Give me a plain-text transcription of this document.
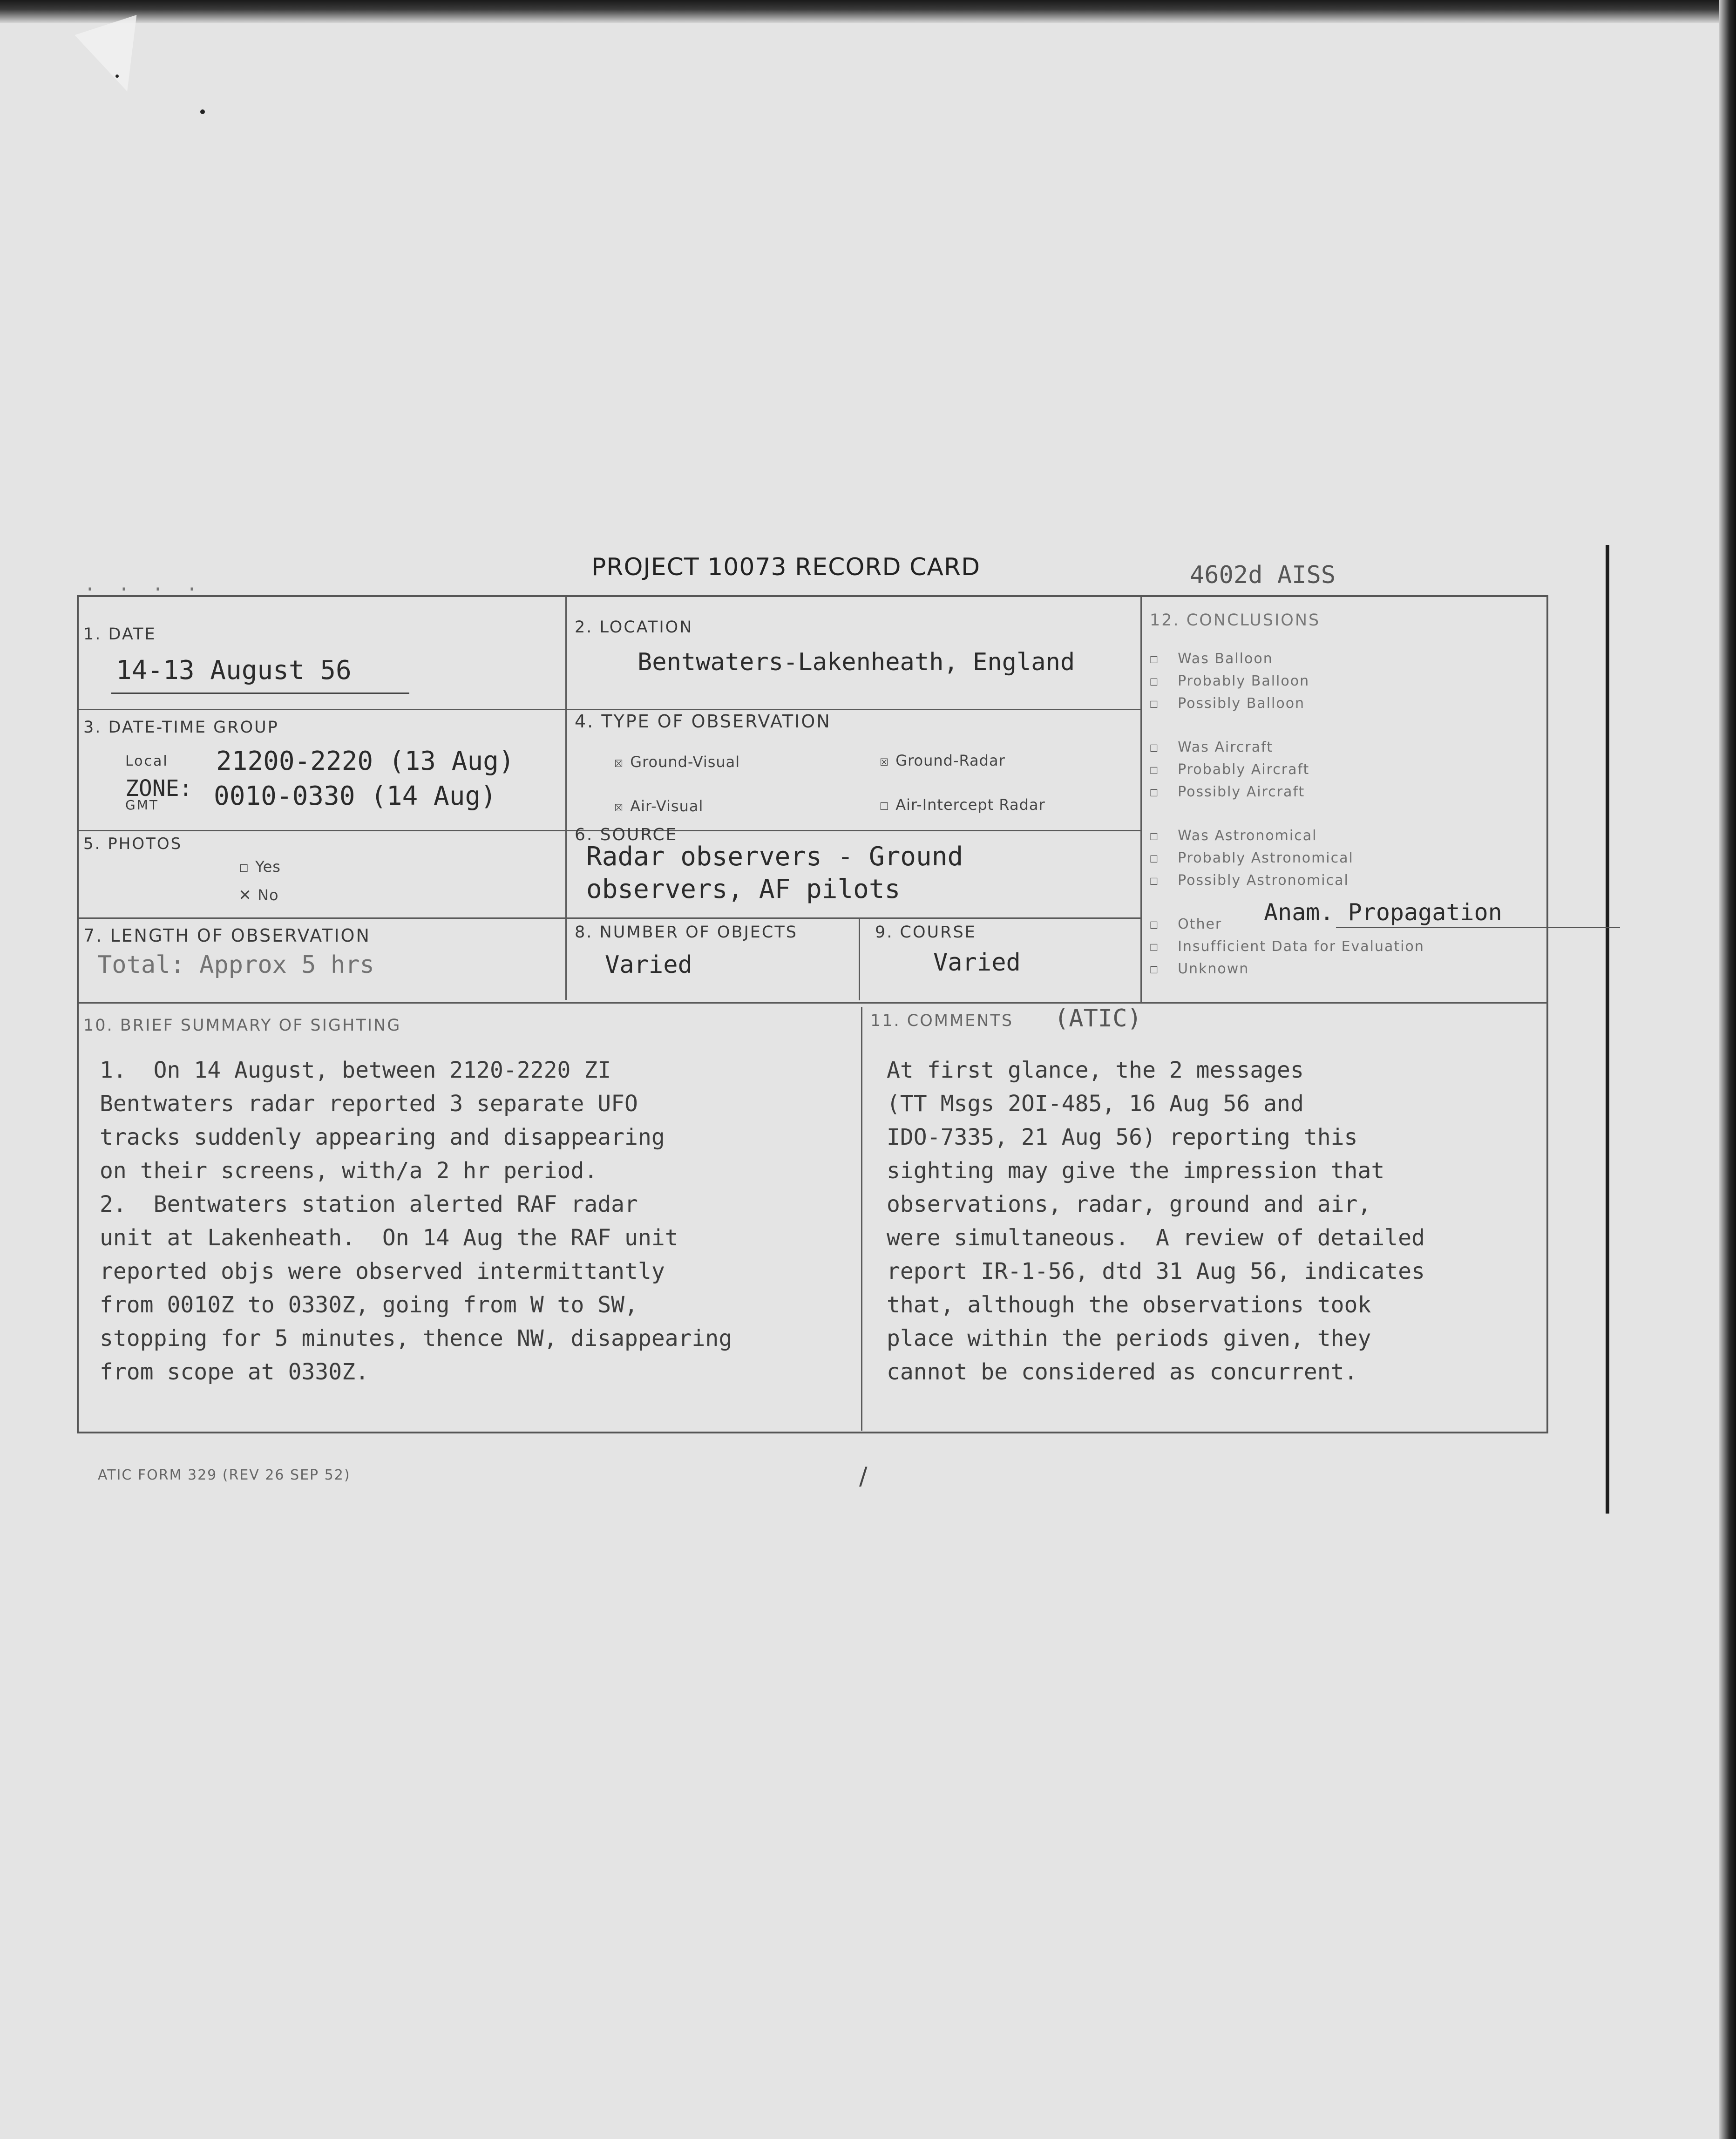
· · · ·
PROJECT 10073 RECORD CARD	4602d AISS
1. DATE
14-13 August 56
2. LOCATION
Bentwaters-Lakenheath, England
3. DATE-TIME GROUP
Local 21200-2220 (13 Aug)
ZONE:
GMT 0010-0330 (14 Aug)
4. TYPE OF OBSERVATION
☒ Ground-Visual	☒ Ground-Radar
☒ Air-Visual	☐ Air-Intercept Radar
5. PHOTOS
☐ Yes
✕ No
6. SOURCE
Radar observers - Ground
observers, AF pilots
7. LENGTH OF OBSERVATION
Total: Approx 5 hrs
8. NUMBER OF OBJECTS
Varied
9. COURSE
Varied
12. CONCLUSIONS
☐ Was Balloon
☐ Probably Balloon
☐ Possibly Balloon
☐ Was Aircraft
☐ Probably Aircraft
☐ Possibly Aircraft
☐ Was Astronomical
☐ Probably Astronomical
☐ Possibly Astronomical
☐ Other Anam. Propagation
☐ Insufficient Data for Evaluation
☐ Unknown
10. BRIEF SUMMARY OF SIGHTING
1.  On 14 August, between 2120-2220 ZI
Bentwaters radar reported 3 separate UFO
tracks suddenly appearing and disappearing
on their screens, with/a 2 hr period.
2.  Bentwaters station alerted RAF radar
unit at Lakenheath.  On 14 Aug the RAF unit
reported objs were observed intermittantly
from 0010Z to 0330Z, going from W to SW,
stopping for 5 minutes, thence NW, disappearing
from scope at 0330Z.
11. COMMENTS (ATIC)
At first glance, the 2 messages
(TT Msgs 2OI-485, 16 Aug 56 and
IDO-7335, 21 Aug 56) reporting this
sighting may give the impression that
observations, radar, ground and air,
were simultaneous.  A review of detailed
report IR-1-56, dtd 31 Aug 56, indicates
that, although the observations took
place within the periods given, they
cannot be considered as concurrent.
ATIC FORM 329 (REV 26 SEP 52)	/
